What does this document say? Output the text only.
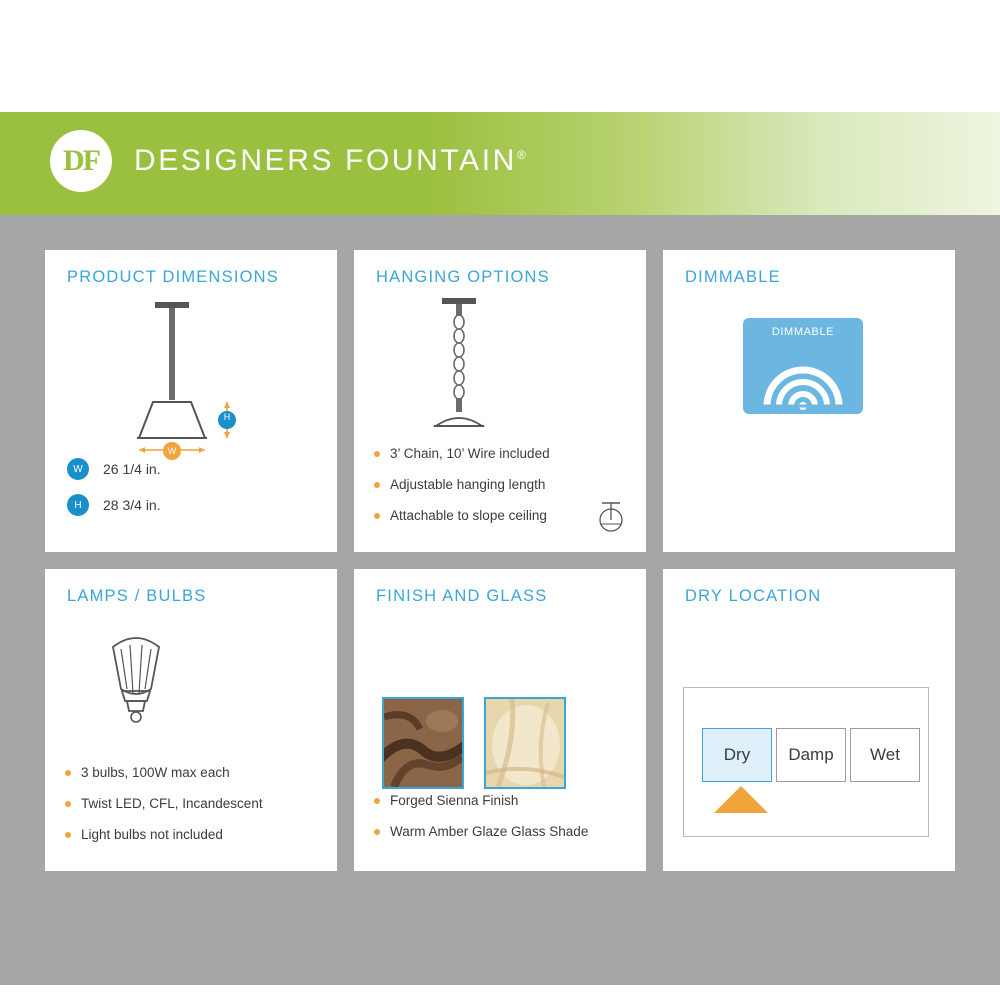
DF	DESIGNERS FOUNTAIN®
PRODUCT DIMENSIONS
H
W
W	26 1/4 in.
H	28 3/4 in.
HANGING OPTIONS
3’ Chain, 10’ Wire included
Adjustable hanging length
Attachable to slope ceiling
DIMMABLE
DIMMABLE
LAMPS / BULBS
3 bulbs, 100W max each
Twist LED, CFL, Incandescent
Light bulbs not included
FINISH AND GLASS
Forged Sienna Finish
Warm Amber Glaze Glass Shade
DRY LOCATION
Dry	Damp	Wet
